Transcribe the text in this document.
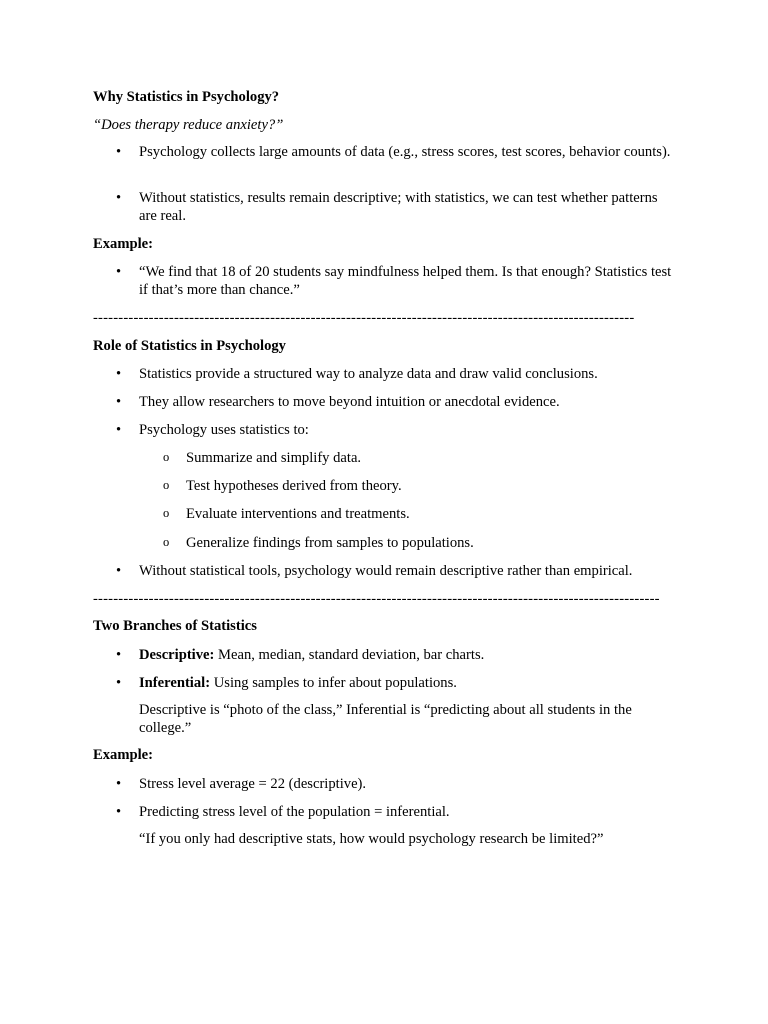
Why Statistics in Psychology?
“Does therapy reduce anxiety?”
• Psychology collects large amounts of data (e.g., stress scores, test scores, behavior counts).
• Without statistics, results remain descriptive; with statistics, we can test whether patterns are real.
Example:
• “We find that 18 of 20 students say mindfulness helped them. Is that enough? Statistics test if that’s more than chance.”
-----------------------------------------------------------------------------------------------------------
Role of Statistics in Psychology
• Statistics provide a structured way to analyze data and draw valid conclusions.
• They allow researchers to move beyond intuition or anecdotal evidence.
• Psychology uses statistics to:
o Summarize and simplify data.
o Test hypotheses derived from theory.
o Evaluate interventions and treatments.
o Generalize findings from samples to populations.
• Without statistical tools, psychology would remain descriptive rather than empirical.
----------------------------------------------------------------------------------------------------------------
Two Branches of Statistics
• Descriptive: Mean, median, standard deviation, bar charts.
• Inferential: Using samples to infer about populations.
Descriptive is “photo of the class,” Inferential is “predicting about all students in the college.”
Example:
• Stress level average = 22 (descriptive).
• Predicting stress level of the population = inferential.
“If you only had descriptive stats, how would psychology research be limited?”
